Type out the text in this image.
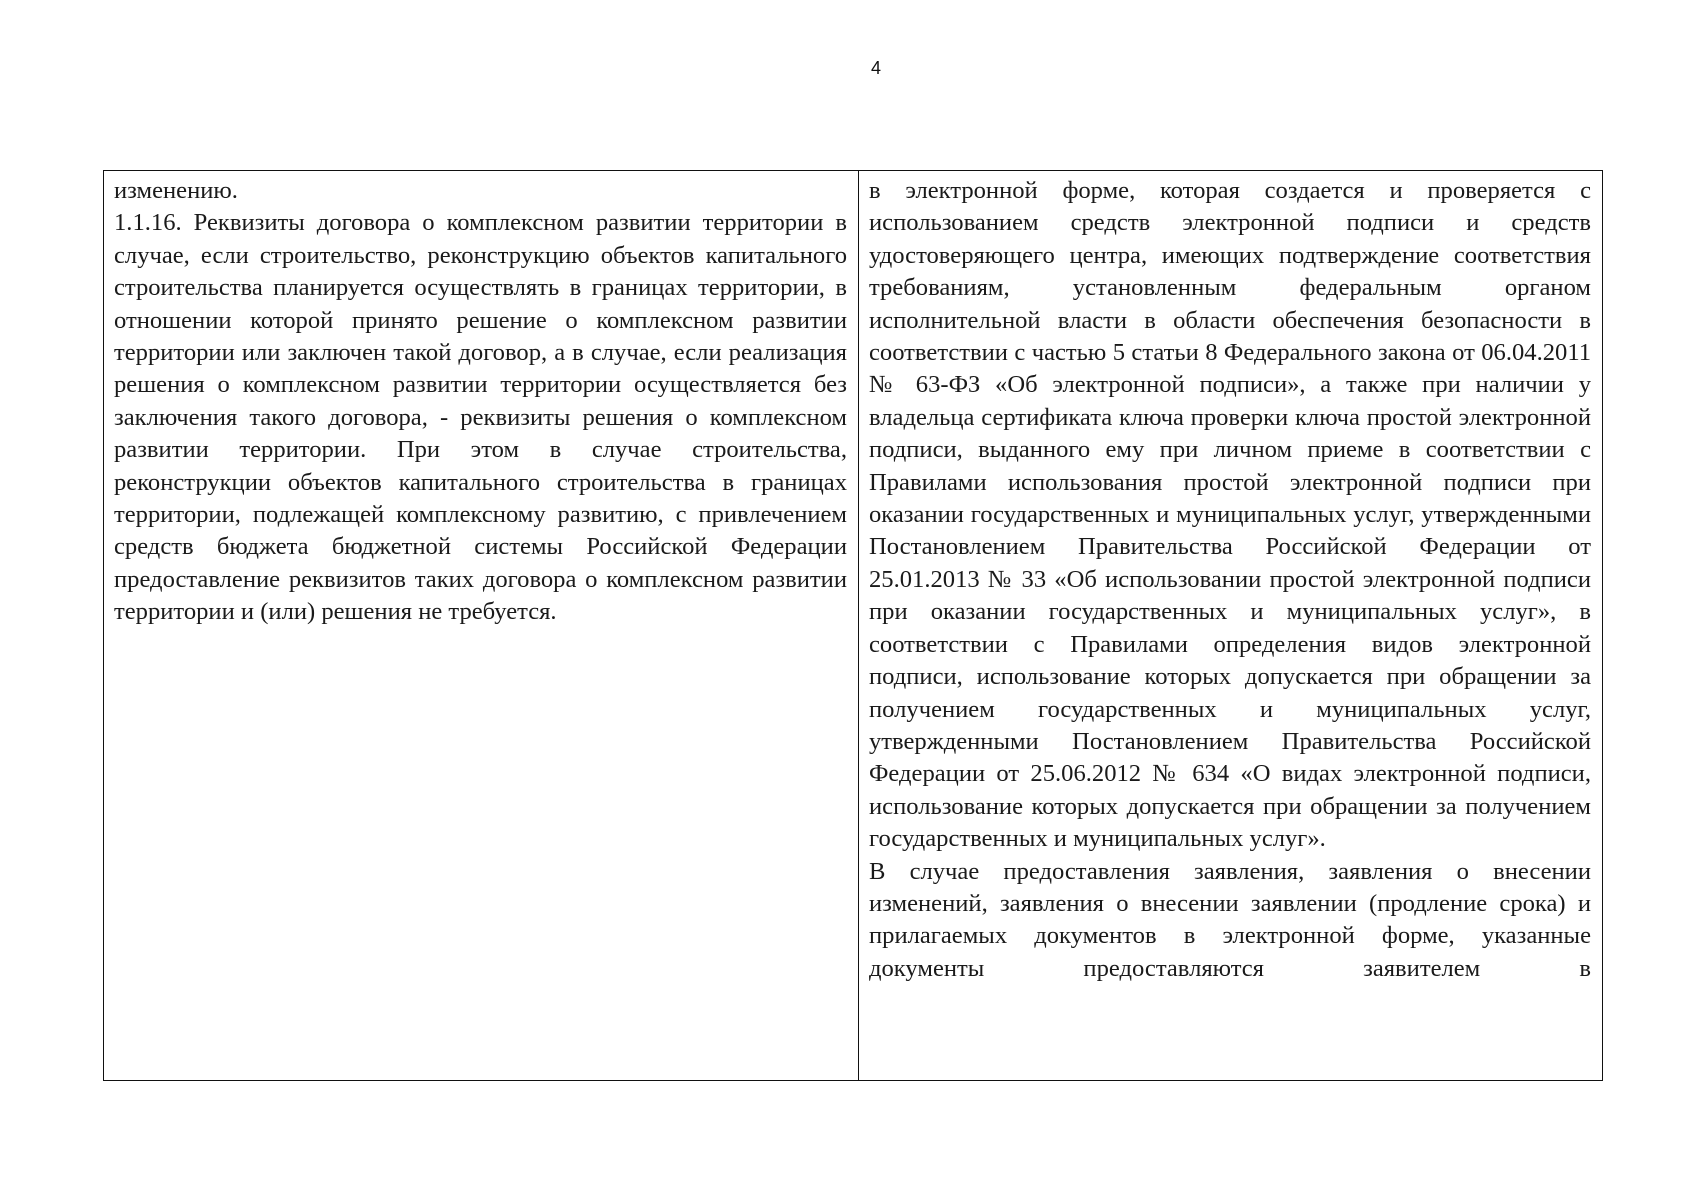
4

изменению.

1.1.16. Реквизиты договора о комплексном развитии территории в случае, если строительство, реконструкцию объектов капитального строительства планируется осуществлять в границах территории, в отношении которой принято решение о комплексном развитии территории или заключен такой договор, а в случае, если реализация решения о комплексном развитии территории осуществляется без заключения такого договора, - реквизиты решения о комплексном развитии территории. При этом в случае строительства, реконструкции объектов капитального строительства в границах территории, подлежащей комплексному развитию, с привлечением средств бюджета бюджетной системы Российской Федерации предоставление реквизитов таких договора о комплексном развитии территории и (или) решения не требуется.

в электронной форме, которая создается и проверяется с использованием средств электронной подписи и средств удостоверяющего центра, имеющих подтверждение соответствия требованиям, установленным федеральным органом исполнительной власти в области обеспечения безопасности в соответствии с частью 5 статьи 8 Федерального закона от 06.04.2011 № 63-ФЗ «Об электронной подписи», а также при наличии у владельца сертификата ключа проверки ключа простой электронной подписи, выданного ему при личном приеме в соответствии с Правилами использования простой электронной подписи при оказании государственных и муниципальных услуг, утвержденными Постановлением Правительства Российской Федерации от 25.01.2013 № 33 «Об использовании простой электронной подписи при оказании государственных и муниципальных услуг», в соответствии с Правилами определения видов электронной подписи, использование которых допускается при обращении за получением государственных и муниципальных услуг, утвержденными Постановлением Правительства Российской Федерации от 25.06.2012 № 634 «О видах электронной подписи, использование которых допускается при обращении за получением государственных и муниципальных услуг».

В случае предоставления заявления, заявления о внесении изменений, заявления о внесении заявлении (продление срока) и прилагаемых документов в электронной форме, указанные документы предоставляются заявителем в
